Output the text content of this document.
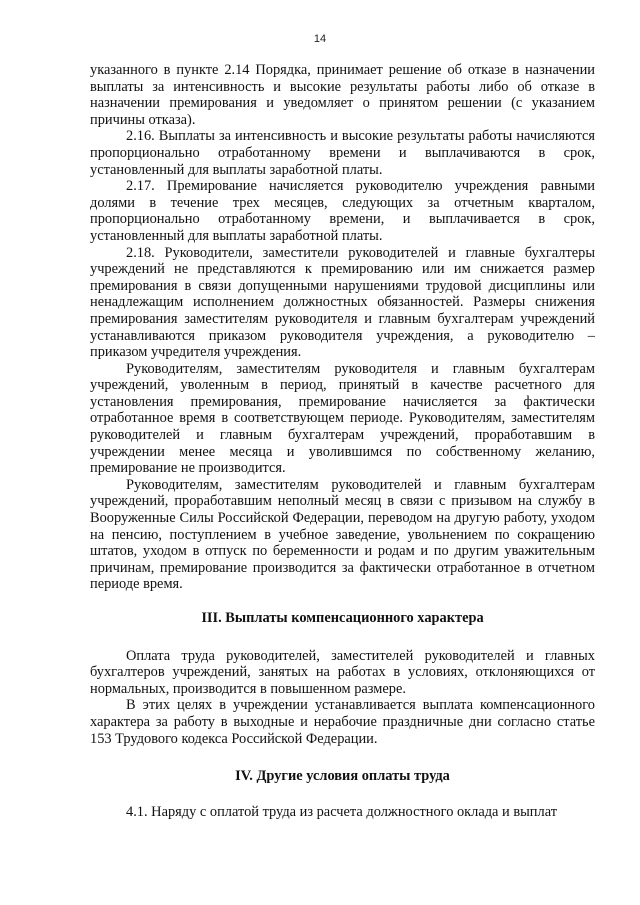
14

указанного в пункте 2.14 Порядка, принимает решение об отказе в назначении выплаты за интенсивность и высокие результаты работы либо об отказе в назначении премирования и уведомляет о принятом решении (с указанием причины отказа).

2.16. Выплаты за интенсивность и высокие результаты работы начисляются пропорционально отработанному времени и выплачиваются в срок, установленный для выплаты заработной платы.

2.17. Премирование начисляется руководителю учреждения равными долями в течение трех месяцев, следующих за отчетным кварталом, пропорционально отработанному времени, и выплачивается в срок, установленный для выплаты заработной платы.

2.18. Руководители, заместители руководителей и главные бухгалтеры учреждений не представляются к премированию или им снижается размер премирования в связи допущенными нарушениями трудовой дисциплины или ненадлежащим исполнением должностных обязанностей. Размеры снижения премирования заместителям руководителя и главным бухгалтерам учреждений устанавливаются приказом руководителя учреждения, а руководителю – приказом учредителя учреждения.

Руководителям, заместителям руководителя и главным бухгалтерам учреждений, уволенным в период, принятый в качестве расчетного для установления премирования, премирование начисляется за фактически отработанное время в соответствующем периоде. Руководителям, заместителям руководителей и главным бухгалтерам учреждений, проработавшим в учреждении менее месяца и уволившимся по собственному желанию, премирование не производится.

Руководителям, заместителям руководителей и главным бухгалтерам учреждений, проработавшим неполный месяц в связи с призывом на службу в Вооруженные Силы Российской Федерации, переводом на другую работу, уходом на пенсию, поступлением в учебное заведение, увольнением по сокращению штатов, уходом в отпуск по беременности и родам и по другим уважительным причинам, премирование производится за фактически отработанное в отчетном периоде время.

III. Выплаты компенсационного характера

Оплата труда руководителей, заместителей руководителей и главных бухгалтеров учреждений, занятых на работах в условиях, отклоняющихся от нормальных, производится в повышенном размере.

В этих целях в учреждении устанавливается выплата компенсационного характера за работу в выходные и нерабочие праздничные дни согласно статье 153 Трудового кодекса Российской Федерации.

IV. Другие условия оплаты труда

4.1. Наряду с оплатой труда из расчета должностного оклада и выплат
